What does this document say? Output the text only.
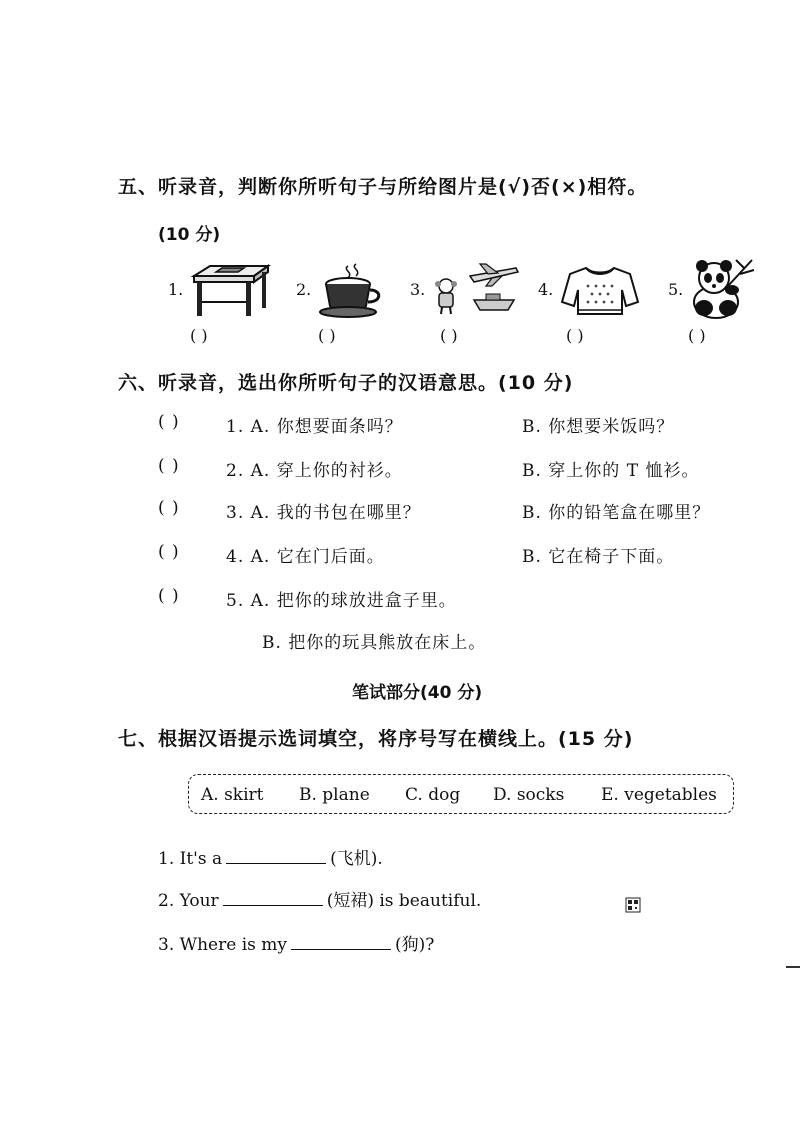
五、听录音，判断你所听句子与所给图片是(√)否(×)相符。
(10 分)
1.	2.	3.	4.	5.
( )	( )	( )	( )	( )
六、听录音，选出你所听句子的汉语意思。(10 分)
( )	1. A. 你想要面条吗？	B. 你想要米饭吗？
( )	2. A. 穿上你的衬衫。	B. 穿上你的 T 恤衫。
( )	3. A. 我的书包在哪里？	B. 你的铅笔盒在哪里？
( )	4. A. 它在门后面。	B. 它在椅子下面。
( )	5. A. 把你的球放进盒子里。
B. 把你的玩具熊放在床上。
笔试部分(40 分)
七、根据汉语提示选词填空，将序号写在横线上。(15 分)
A. skirt B. plane C. dog D. socks E. vegetables
1. It's a	(飞机).
2. Your	(短裙) is beautiful.
3. Where is my	(狗)?
